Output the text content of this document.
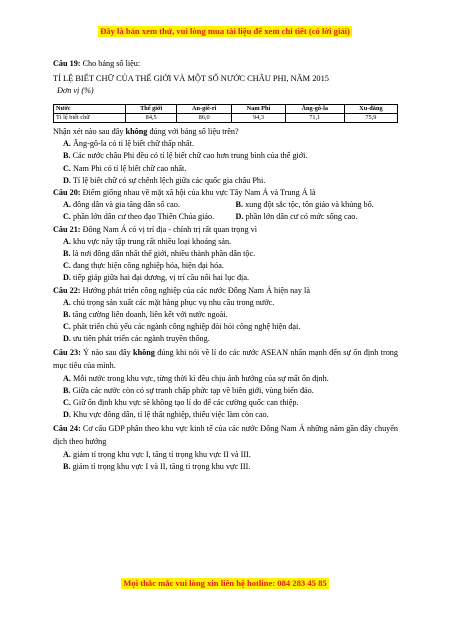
Đây là bản xem thử, vui lòng mua tài liệu để xem chi tiết (có lời giải)
Câu 19: Cho bảng số liệu:
TỈ LỆ BIẾT CHỮ CỦA THẾ GIỚI VÀ MỘT SỐ NƯỚC CHÂU PHI, NĂM 2015
Đơn vị (%)
Nước	Thế giới	An-giê-ri	Nam Phi	Ăng-gô-la	Xu-đăng
Tỉ lệ biết chữ	84,5	86,0	94,3	71,1	75,9
Nhận xét nào sau đây không đúng với bảng số liệu trên?
A. Ăng-gô-la có tỉ lệ biết chữ thấp nhất.
B. Các nước châu Phi đều có tỉ lệ biết chữ cao hơn trung bình của thế giới.
C. Nam Phi có tỉ lệ biết chữ cao nhất.
D. Tỉ lệ biết chữ có sự chênh lệch giữa các quốc gia châu Phi.
Câu 20: Điểm giống nhau về mặt xã hội của khu vực Tây Nam Á và Trung Á là
A. đông dân và gia tăng dân số cao.	B. xung đột sắc tộc, tôn giáo và khủng bố.
C. phần lớn dân cư theo đạo Thiên Chúa giáo.	D. phần lớn dân cư có mức sống cao.
Câu 21: Đông Nam Á có vị trí địa - chính trị rất quan trọng vì
A. khu vực này tập trung rất nhiều loại khoáng sản.
B. là nơi đông dân nhất thế giới, nhiều thành phần dân tộc.
C. đang thực hiện công nghiệp hóa, hiện đại hóa.
D. tiếp giáp giữa hai đại dương, vị trí cầu nối hai lục địa.
Câu 22: Hướng phát triển công nghiệp của các nước Đông Nam Á hiện nay là
A. chú trọng sản xuất các mặt hàng phục vụ nhu cầu trong nước.
B. tăng cường liên doanh, liên kết với nước ngoài.
C. phát triển chủ yếu các ngành công nghiệp đòi hỏi công nghệ hiện đại.
D. ưu tiên phát triển các ngành truyền thống.
Câu 23: Ý nào sau đây không đúng khi nói về lí do các nước ASEAN nhấn mạnh đến sự ổn định trong mục tiêu của mình.
A. Mỗi nước trong khu vực, từng thời kì đều chịu ảnh hưởng của sự mất ổn định.
B. Giữa các nước còn có sự tranh chấp phức tạp về biên giới, vùng biển đảo.
C. Giữ ổn định khu vực sẽ không tạo lí do để các cường quốc can thiệp.
D. Khu vực đông dân, tỉ lệ thất nghiệp, thiếu việc làm còn cao.
Câu 24: Cơ cấu GDP phân theo khu vực kinh tế của các nước Đông Nam Á những năm gần đây chuyển dịch theo hướng
A. giảm tỉ trọng khu vực I, tăng tỉ trọng khu vực II và III.
B. giảm tỉ trọng khu vực I và II, tăng tỉ trọng khu vực III.
Mọi thắc mắc vui lòng xin liên hệ hotline: 084 283 45 85
